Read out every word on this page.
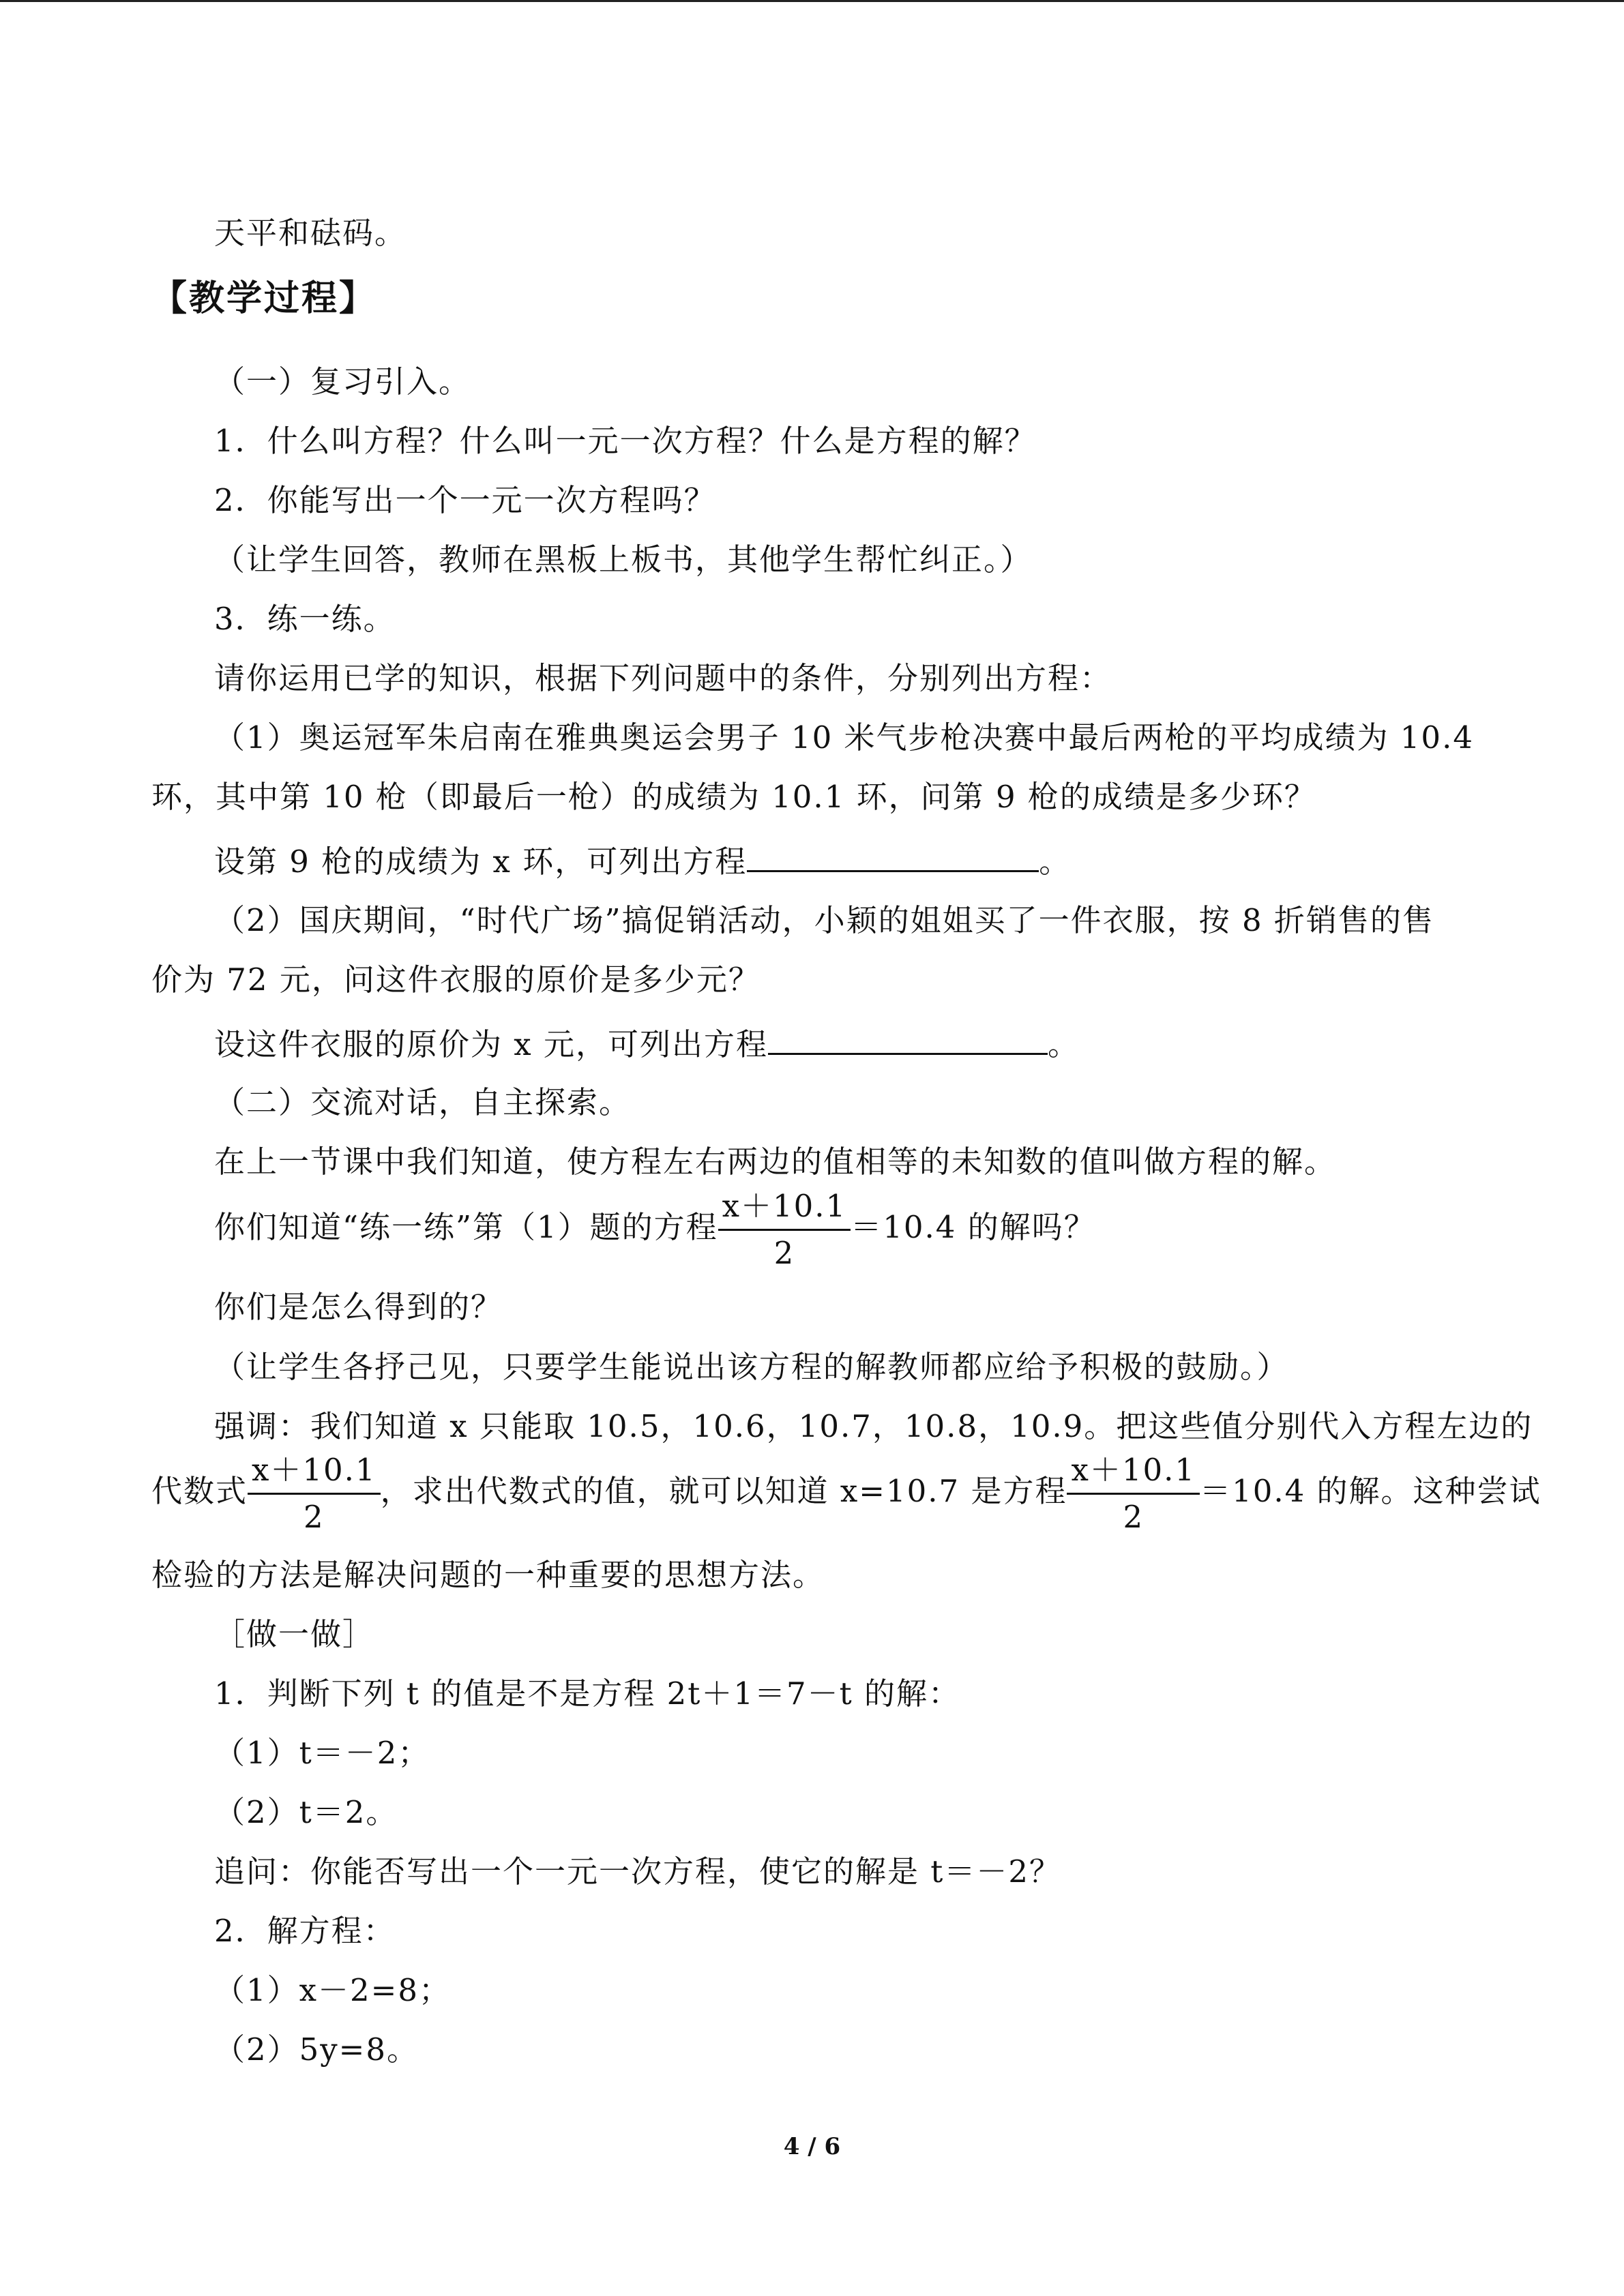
天平和砝码。
【教学过程】
（一）复习引入。
1．什么叫方程？什么叫一元一次方程？什么是方程的解？
2．你能写出一个一元一次方程吗？
（让学生回答，教师在黑板上板书，其他学生帮忙纠正。）
3．练一练。
请你运用已学的知识，根据下列问题中的条件，分别列出方程：
（1）奥运冠军朱启南在雅典奥运会男子 10 米气步枪决赛中最后两枪的平均成绩为 10.4
环，其中第 10 枪（即最后一枪）的成绩为 10.1 环，问第 9 枪的成绩是多少环？
设第 9 枪的成绩为 x 环，可列出方程	。
（2）国庆期间，“时代广场”搞促销活动，小颖的姐姐买了一件衣服，按 8 折销售的售
价为 72 元，问这件衣服的原价是多少元？
设这件衣服的原价为 x 元，可列出方程	。
（二）交流对话，自主探索。
在上一节课中我们知道，使方程左右两边的值相等的未知数的值叫做方程的解。
你们知道“练一练”第（1）题的方程 $\frac{x+10.1}{2} =10.4$ 的解吗？
你们是怎么得到的？
（让学生各抒己见，只要学生能说出该方程的解教师都应给予积极的鼓励。）
强调：我们知道 x 只能取 10.5，10.6，10.7，10.8，10.9。把这些值分别代入方程左边的
代数式 $\frac{x+10.1}{2}$ ，求出代数式的值，就可以知道 x=10.7 是方程 $\frac{x+10.1}{2} =10.4$ 的解。这种尝试
检验的方法是解决问题的一种重要的思想方法。
［做一做］
1．判断下列 t 的值是不是方程 2t＋1＝7－t 的解：
（1）t＝－2；
（2）t＝2。
追问：你能否写出一个一元一次方程，使它的解是 t＝－2？
2．解方程：
（1）x－2=8；
（2）5y=8。
4 / 6
